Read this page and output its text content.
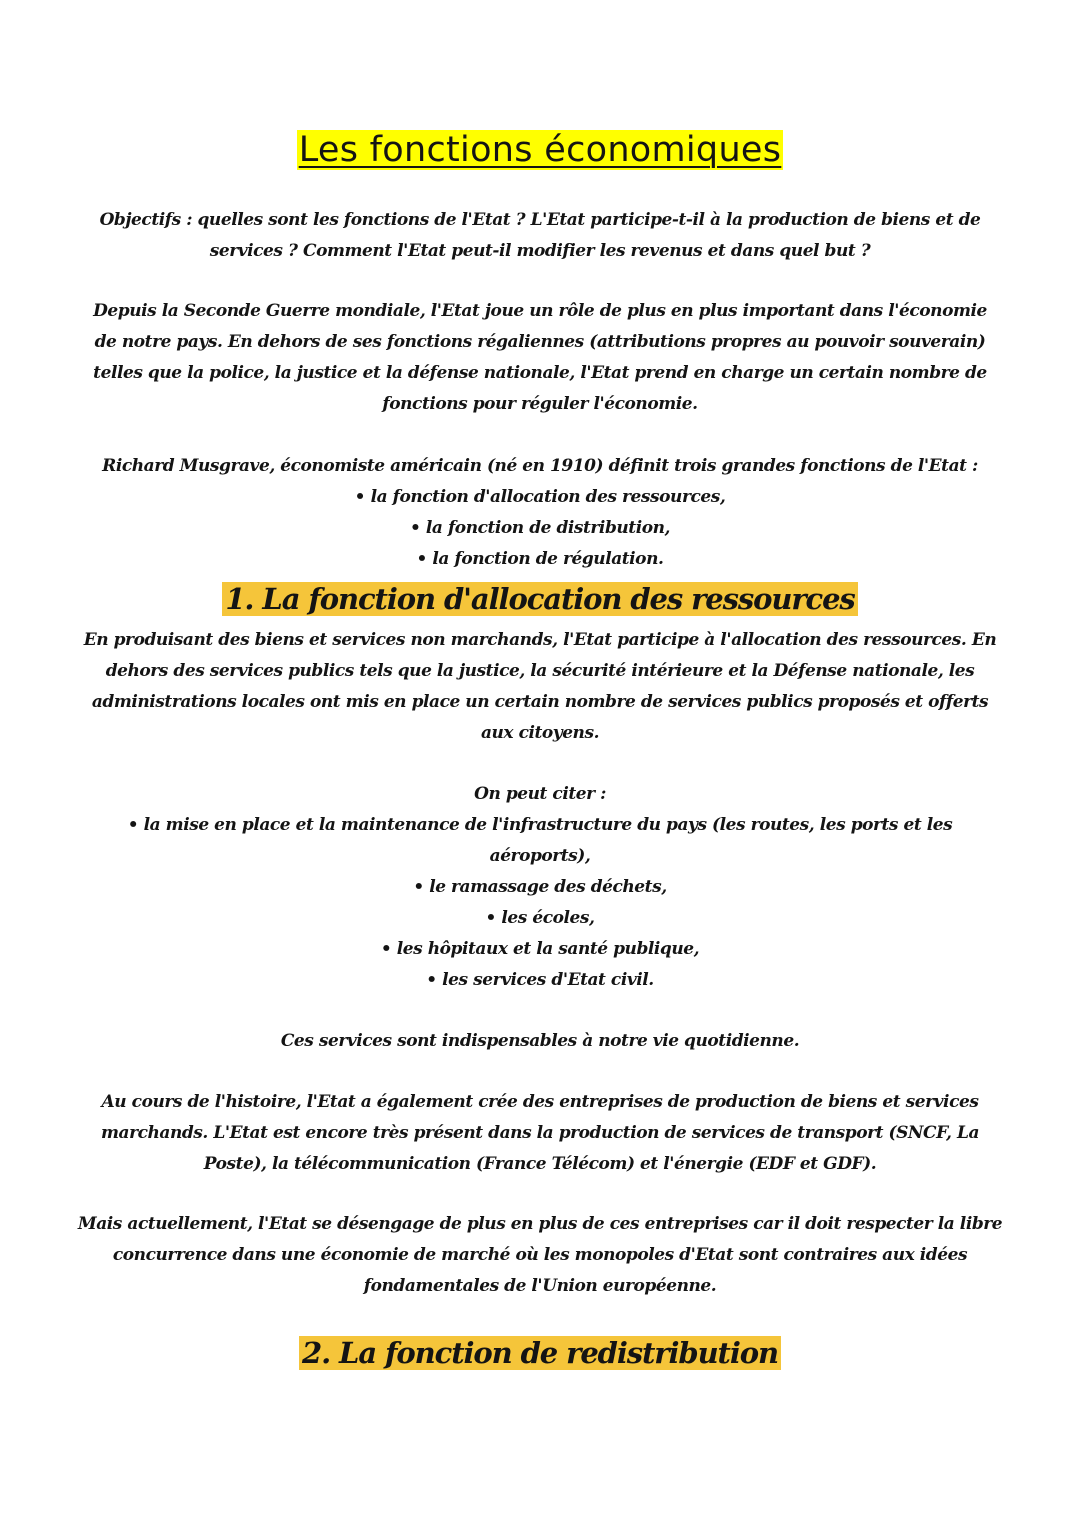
Les fonctions économiques

Objectifs : quelles sont les fonctions de l'Etat ? L'Etat participe-t-il à la production de biens et de

services ? Comment l'Etat peut-il modifier les revenus et dans quel but ?

Depuis la Seconde Guerre mondiale, l'Etat joue un rôle de plus en plus important dans l'économie

de notre pays. En dehors de ses fonctions régaliennes (attributions propres au pouvoir souverain)

telles que la police, la justice et la défense nationale, l'Etat prend en charge un certain nombre de

fonctions pour réguler l'économie.

Richard Musgrave, économiste américain (né en 1910) définit trois grandes fonctions de l'Etat :

• la fonction d'allocation des ressources,

• la fonction de distribution,

• la fonction de régulation.

1. La fonction d'allocation des ressources

En produisant des biens et services non marchands, l'Etat participe à l'allocation des ressources. En

dehors des services publics tels que la justice, la sécurité intérieure et la Défense nationale, les

administrations locales ont mis en place un certain nombre de services publics proposés et offerts

aux citoyens.

On peut citer :

• la mise en place et la maintenance de l'infrastructure du pays (les routes, les ports et les

aéroports),

• le ramassage des déchets,

• les écoles,

• les hôpitaux et la santé publique,

• les services d'Etat civil.

Ces services sont indispensables à notre vie quotidienne.

Au cours de l'histoire, l'Etat a également crée des entreprises de production de biens et services

marchands. L'Etat est encore très présent dans la production de services de transport (SNCF, La

Poste), la télécommunication (France Télécom) et l'énergie (EDF et GDF).

Mais actuellement, l'Etat se désengage de plus en plus de ces entreprises car il doit respecter la libre

concurrence dans une économie de marché où les monopoles d'Etat sont contraires aux idées

fondamentales de l'Union européenne.

2. La fonction de redistribution
